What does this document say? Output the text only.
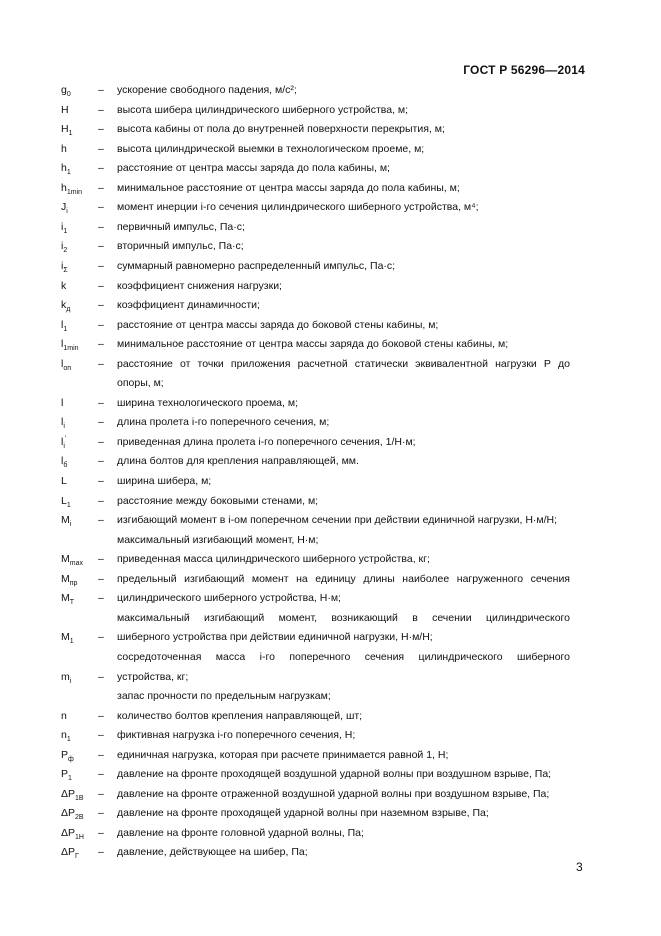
ГОСТ Р 56296—2014
$g_0$	– ускорение свободного падения, м/с²;
H	– высота шибера цилиндрического шиберного устройства, м;
$H_1$ – высота кабины от пола до внутренней поверхности перекрытия, м;
h	– высота цилиндрической выемки в технологическом проеме, м;
$h_1$	– расстояние от центра массы заряда до пола кабины, м;
$h_{1min}$ – минимальное расстояние от центра массы заряда до пола кабины, м;
$J_i$	– момент инерции i-го сечения цилиндрического шиберного устройства, м⁴;
$i_1$	– первичный импульс, Па·с;
$i_2$	– вторичный импульс, Па·с;
$i_\Sigma$	– суммарный равномерно распределенный импульс, Па·с;
k	– коэффициент снижения нагрузки;
$k_д$	– коэффициент динамичности;
$l_1$	– расстояние от центра массы заряда до боковой стены кабины, м;
$l_{1min}$ – минимальное расстояние от центра массы заряда до боковой стены кабины, м;
$l_{оп}$	– расстояние от точки приложения расчетной статически эквивалентной нагрузки Р до
опоры, м;
l	– ширина технологического проема, м;
$l_i$	– длина пролета i-го поперечного сечения, м;
$l_i'$	– приведенная длина пролета i-го поперечного сечения, 1/Н·м;
$l_б$	– длина болтов для крепления направляющей, мм.
L	– ширина шибера, м;
$L_1$	– расстояние между боковыми стенами, м;
$M_i$	– изгибающий момент в i-ом поперечном сечении при действии единичной нагрузки, Н·м/Н;
максимальный изгибающий момент, Н·м;
$M_{max}$ – приведенная масса цилиндрического шиберного устройства, кг;
$M_{пр}$ – предельный изгибающий момент на единицу длины наиболее нагруженного сечения
$M_T$ – цилиндрического шиберного устройства, Н·м;
максимальный изгибающий момент, возникающий в сечении цилиндрического
$M_1$ – шиберного устройства при действии единичной нагрузки, Н·м/Н;
сосредоточенная масса i-го поперечного сечения цилиндрического шиберного
$m_i$	– устройства, кг;
запас прочности по предельным нагрузкам;
n	– количество болтов крепления направляющей, шт;
$n_1$	– фиктивная нагрузка i-го поперечного сечения, Н;
$P_ф$ – единичная нагрузка, которая при расчете принимается равной 1, Н;
$P_1$ – давление на фронте проходящей воздушной ударной волны при воздушном взрыве, Па;
$\Delta P_{1В}$ – давление на фронте отраженной воздушной ударной волны при воздушном взрыве, Па;
$\Delta P_{2В}$ – давление на фронте проходящей ударной волны при наземном взрыве, Па;
$\Delta P_{1Н}$ – давление на фронте головной ударной волны, Па;
$\Delta P_Г$ – давление, действующее на шибер, Па;
3
